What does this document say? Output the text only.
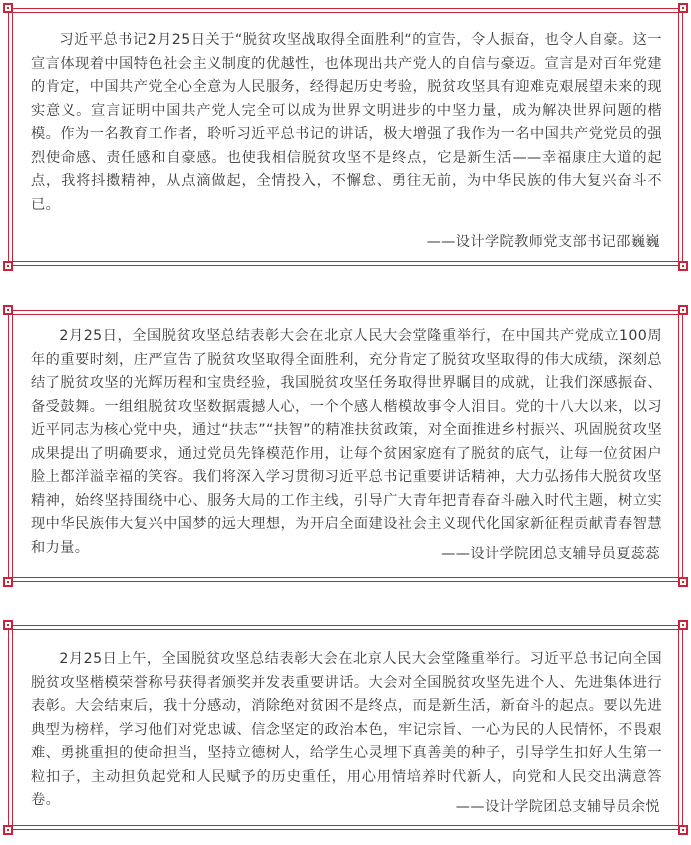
习近平总书记2月25日关于“脱贫攻坚战取得全面胜利“的宣告，令人振奋，也令人自豪。这一宣言体现着中国特色社会主义制度的优越性，也体现出共产党人的自信与豪迈。宣言是对百年党建的肯定，中国共产党全心全意为人民服务，经得起历史考验，脱贫攻坚具有迎难克艰展望未来的现实意义。宣言证明中国共产党人完全可以成为世界文明进步的中坚力量，成为解决世界问题的楷模。作为一名教育工作者，聆听习近平总书记的讲话，极大增强了我作为一名中国共产党党员的强烈使命感、责任感和自豪感。也使我相信脱贫攻坚不是终点，它是新生活——幸福康庄大道的起点，我将抖擞精神，从点滴做起，全情投入，不懈怠、勇往无前，为中华民族的伟大复兴奋斗不已。

——设计学院教师党支部书记邵巍巍

2月25日，全国脱贫攻坚总结表彰大会在北京人民大会堂隆重举行，在中国共产党成立100周年的重要时刻，庄严宣告了脱贫攻坚取得全面胜利，充分肯定了脱贫攻坚取得的伟大成绩，深刻总结了脱贫攻坚的光辉历程和宝贵经验，我国脱贫攻坚任务取得世界瞩目的成就，让我们深感振奋、备受鼓舞。一组组脱贫攻坚数据震撼人心，一个个感人楷模故事令人泪目。党的十八大以来，以习近平同志为核心党中央，通过“扶志”“扶智”的精准扶贫政策，对全面推进乡村振兴、巩固脱贫攻坚成果提出了明确要求，通过党员先锋模范作用，让每个贫困家庭有了脱贫的底气，让每一位贫困户脸上都洋溢幸福的笑容。我们将深入学习贯彻习近平总书记重要讲话精神，大力弘扬伟大脱贫攻坚精神，始终坚持围绕中心、服务大局的工作主线，引导广大青年把青春奋斗融入时代主题，树立实现中华民族伟大复兴中国梦的远大理想，为开启全面建设社会主义现代化国家新征程贡献青春智慧和力量。	——设计学院团总支辅导员夏蕊蕊

2月25日上午，全国脱贫攻坚总结表彰大会在北京人民大会堂隆重举行。习近平总书记向全国脱贫攻坚楷模荣誉称号获得者颁奖并发表重要讲话。大会对全国脱贫攻坚先进个人、先进集体进行表彰。大会结束后，我十分感动，消除绝对贫困不是终点，而是新生活，新奋斗的起点。要以先进典型为榜样，学习他们对党忠诚、信念坚定的政治本色，牢记宗旨、一心为民的人民情怀，不畏艰难、勇挑重担的使命担当，坚持立德树人，给学生心灵埋下真善美的种子，引导学生扣好人生第一粒扣子，主动担负起党和人民赋予的历史重任，用心用情培养时代新人，向党和人民交出满意答卷。	——设计学院团总支辅导员余悦
